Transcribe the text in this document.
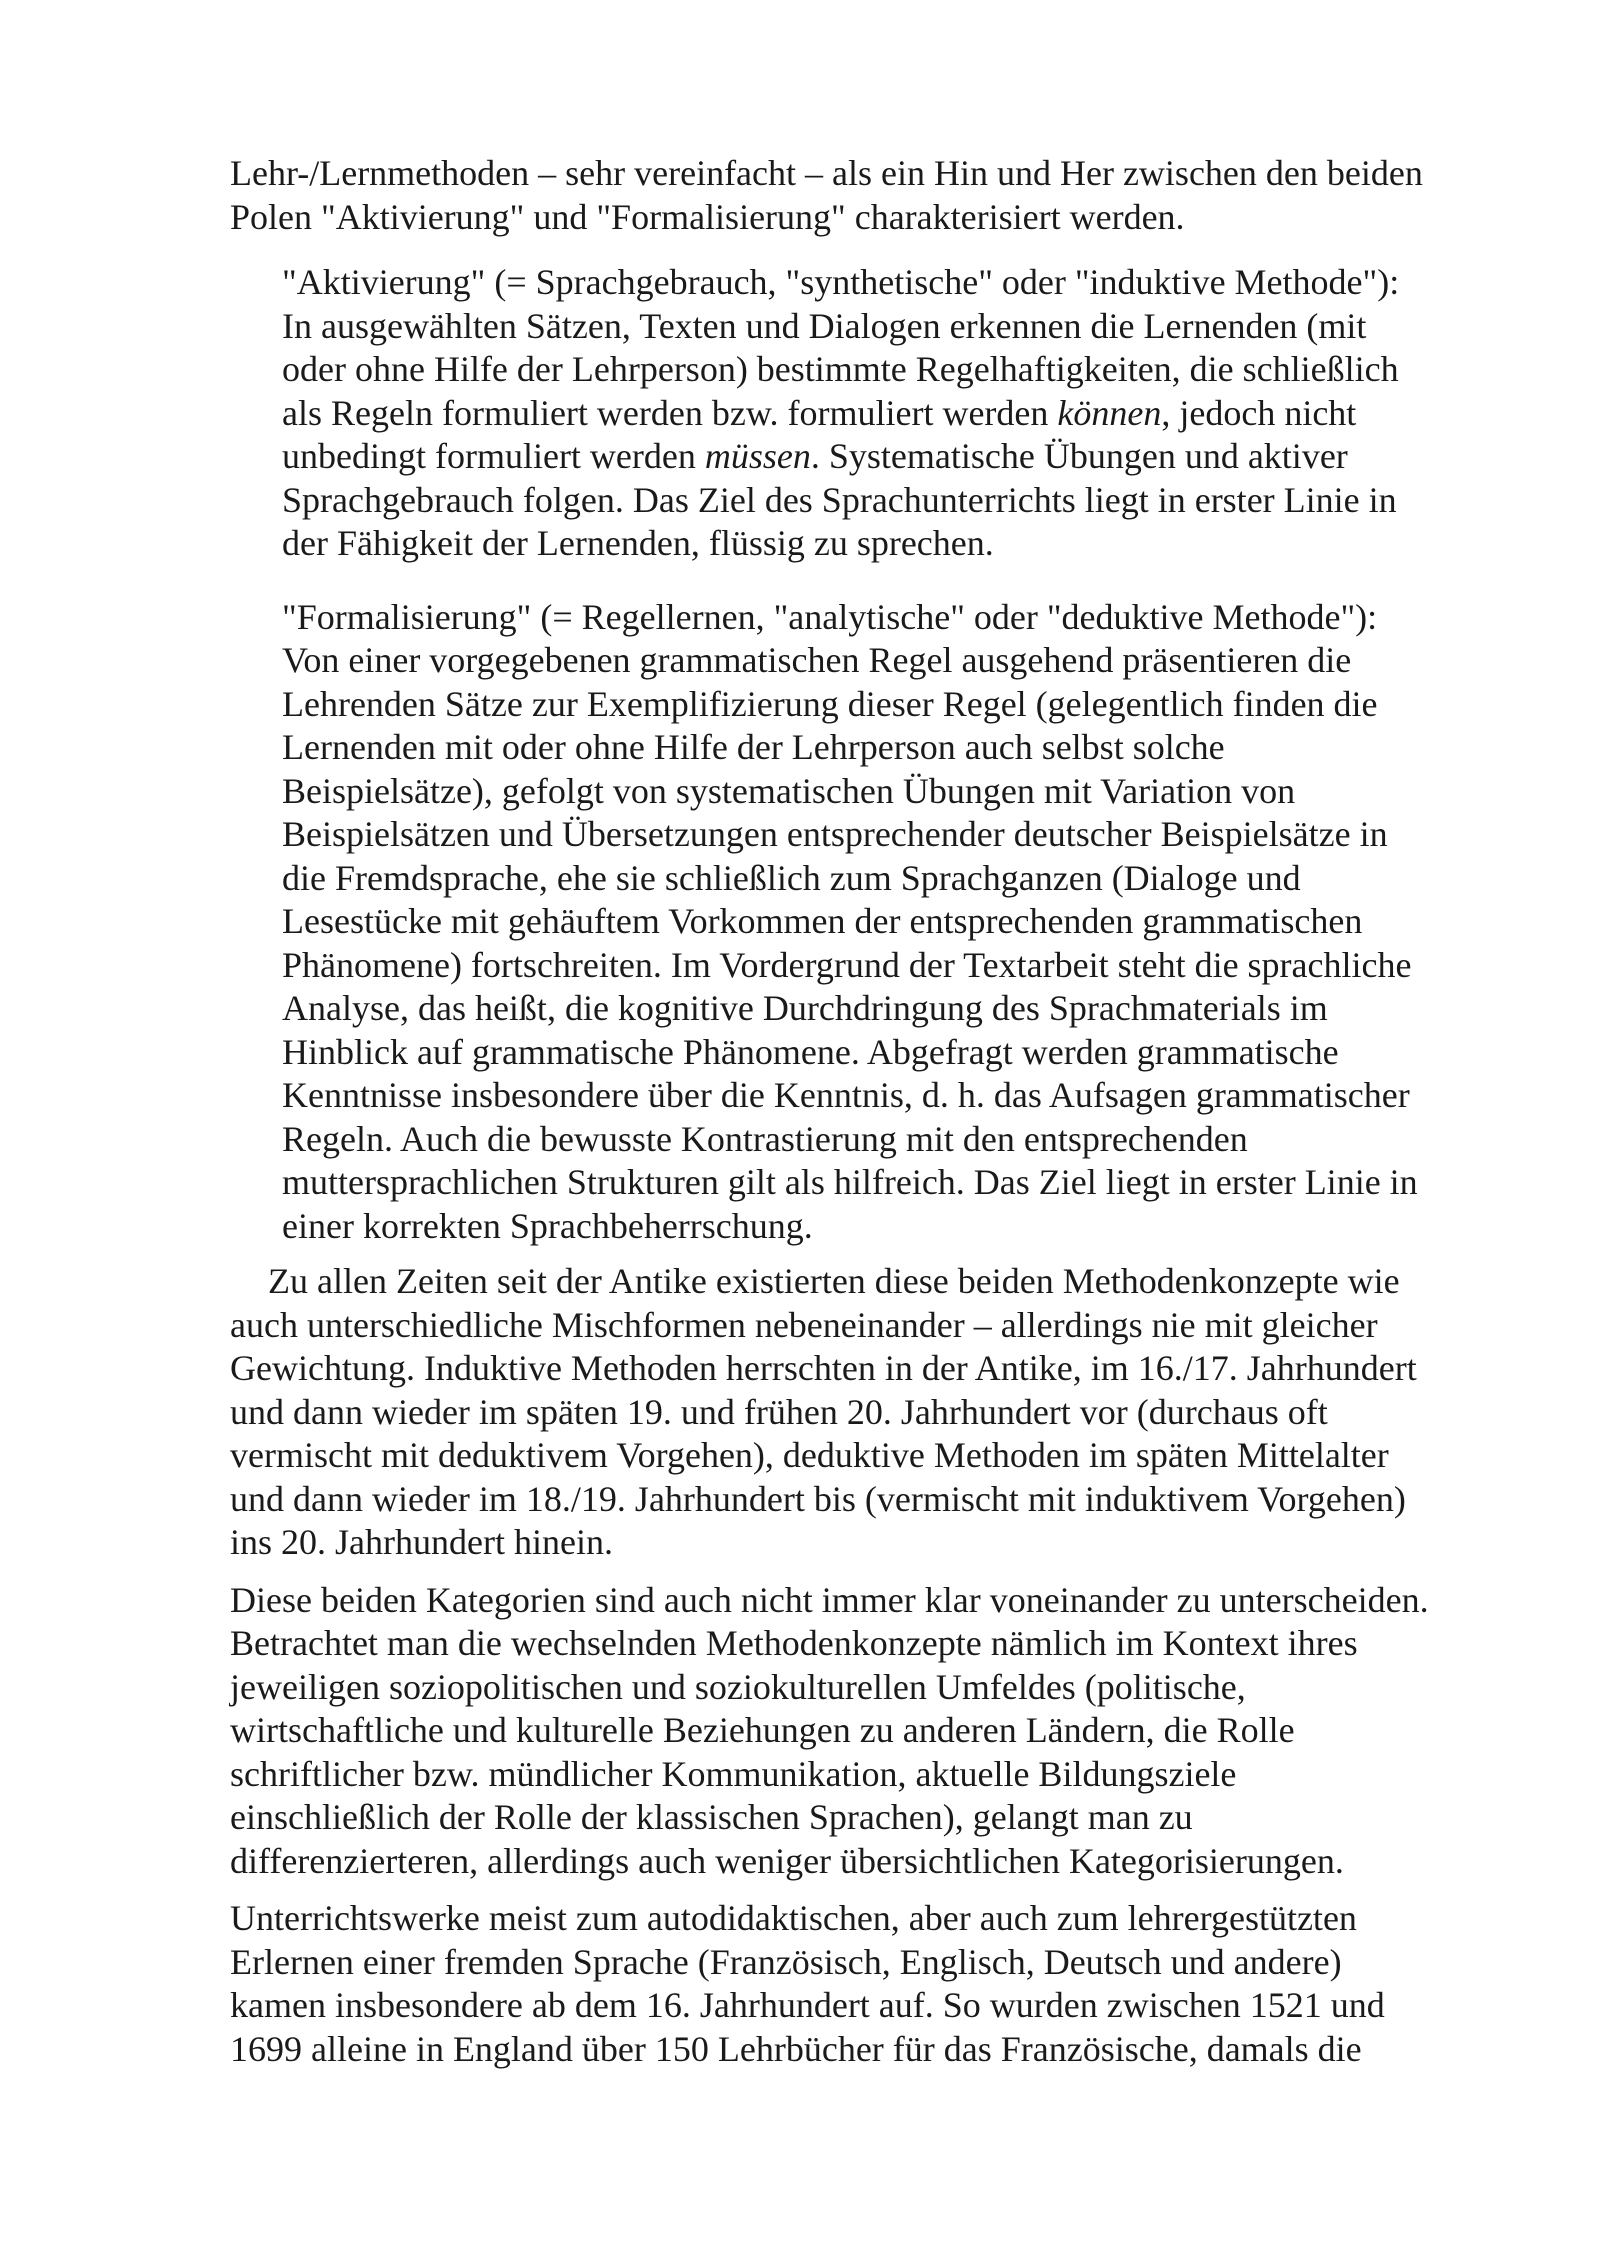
Lehr-/Lernmethoden – sehr vereinfacht – als ein Hin und Her zwischen den beiden
Polen "Aktivierung" und "Formalisierung" charakterisiert werden.

"Aktivierung" (= Sprachgebrauch, "synthetische" oder "induktive Methode"):
In ausgewählten Sätzen, Texten und Dialogen erkennen die Lernenden (mit
oder ohne Hilfe der Lehrperson) bestimmte Regelhaftigkeiten, die schließlich
als Regeln formuliert werden bzw. formuliert werden können, jedoch nicht
unbedingt formuliert werden müssen. Systematische Übungen und aktiver
Sprachgebrauch folgen. Das Ziel des Sprachunterrichts liegt in erster Linie in
der Fähigkeit der Lernenden, flüssig zu sprechen.

"Formalisierung" (= Regellernen, "analytische" oder "deduktive Methode"):
Von einer vorgegebenen grammatischen Regel ausgehend präsentieren die
Lehrenden Sätze zur Exemplifizierung dieser Regel (gelegentlich finden die
Lernenden mit oder ohne Hilfe der Lehrperson auch selbst solche
Beispielsätze), gefolgt von systematischen Übungen mit Variation von
Beispielsätzen und Übersetzungen entsprechender deutscher Beispielsätze in
die Fremdsprache, ehe sie schließlich zum Sprachganzen (Dialoge und
Lesestücke mit gehäuftem Vorkommen der entsprechenden grammatischen
Phänomene) fortschreiten. Im Vordergrund der Textarbeit steht die sprachliche
Analyse, das heißt, die kognitive Durchdringung des Sprachmaterials im
Hinblick auf grammatische Phänomene. Abgefragt werden grammatische
Kenntnisse insbesondere über die Kenntnis, d. h. das Aufsagen grammatischer
Regeln. Auch die bewusste Kontrastierung mit den entsprechenden
muttersprachlichen Strukturen gilt als hilfreich. Das Ziel liegt in erster Linie in
einer korrekten Sprachbeherrschung.

Zu allen Zeiten seit der Antike existierten diese beiden Methodenkonzepte wie
auch unterschiedliche Mischformen nebeneinander – allerdings nie mit gleicher
Gewichtung. Induktive Methoden herrschten in der Antike, im 16./17. Jahrhundert
und dann wieder im späten 19. und frühen 20. Jahrhundert vor (durchaus oft
vermischt mit deduktivem Vorgehen), deduktive Methoden im späten Mittelalter
und dann wieder im 18./19. Jahrhundert bis (vermischt mit induktivem Vorgehen)
ins 20. Jahrhundert hinein.

Diese beiden Kategorien sind auch nicht immer klar voneinander zu unterscheiden.
Betrachtet man die wechselnden Methodenkonzepte nämlich im Kontext ihres
jeweiligen soziopolitischen und soziokulturellen Umfeldes (politische,
wirtschaftliche und kulturelle Beziehungen zu anderen Ländern, die Rolle
schriftlicher bzw. mündlicher Kommunikation, aktuelle Bildungsziele
einschließlich der Rolle der klassischen Sprachen), gelangt man zu
differenzierteren, allerdings auch weniger übersichtlichen Kategorisierungen.

Unterrichtswerke meist zum autodidaktischen, aber auch zum lehrergestützten
Erlernen einer fremden Sprache (Französisch, Englisch, Deutsch und andere)
kamen insbesondere ab dem 16. Jahrhundert auf. So wurden zwischen 1521 und
1699 alleine in England über 150 Lehrbücher für das Französische, damals die
